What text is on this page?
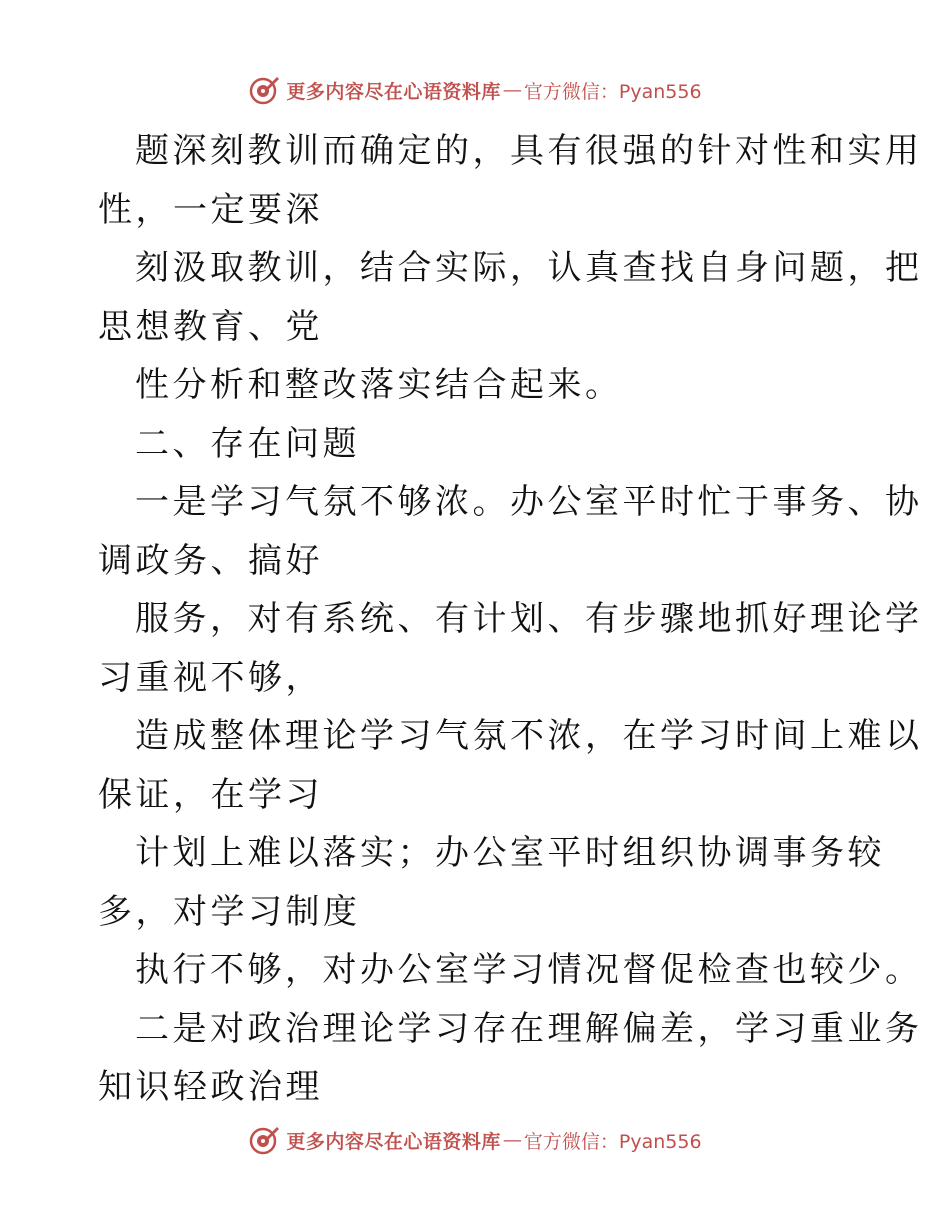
更多内容尽在心语资料库 — 官方微信：Pyan556

题深刻教训而确定的，具有很强的针对性和实用

性，一定要深

刻汲取教训，结合实际，认真查找自身问题，把

思想教育、党

性分析和整改落实结合起来。

二、存在问题

一是学习气氛不够浓。办公室平时忙于事务、协

调政务、搞好

服务，对有系统、有计划、有步骤地抓好理论学

习重视不够，

造成整体理论学习气氛不浓，在学习时间上难以

保证，在学习

计划上难以落实；办公室平时组织协调事务较

多，对学习制度

执行不够，对办公室学习情况督促检查也较少。

二是对政治理论学习存在理解偏差，学习重业务

知识轻政治理

更多内容尽在心语资料库 — 官方微信：Pyan556
